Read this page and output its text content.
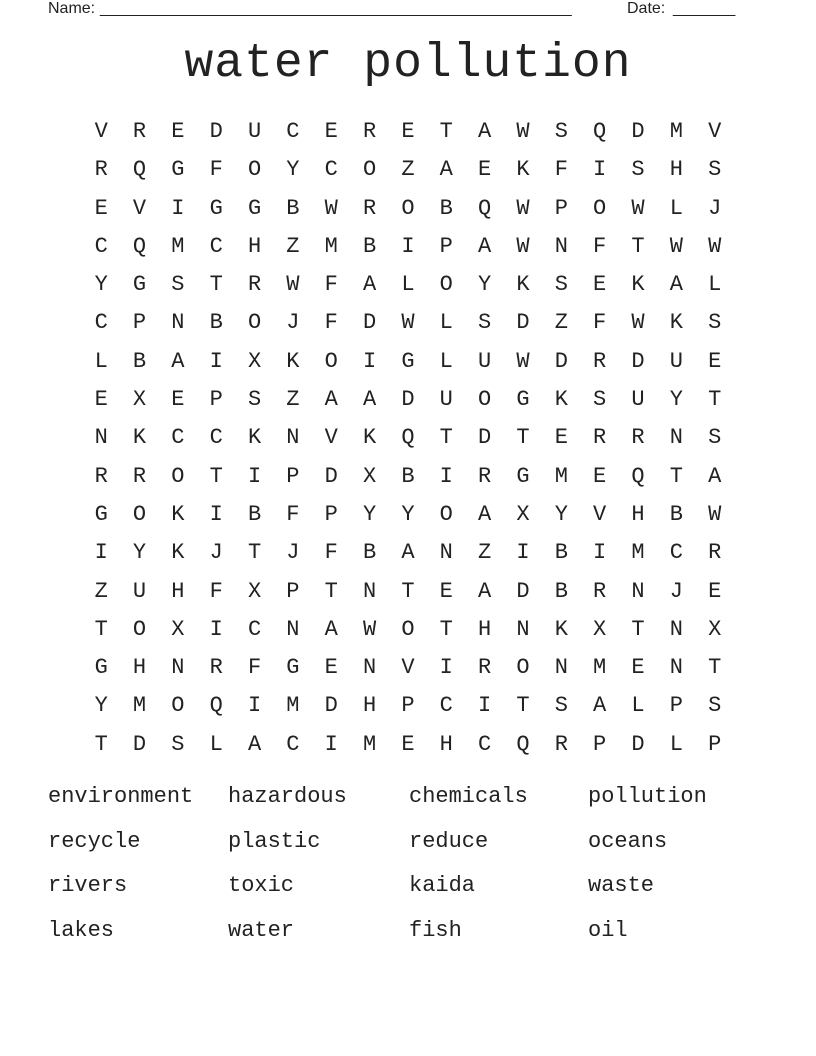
Name: _____________________________________________________	Date: _______
water pollution
V	R	E	D	U	C	E	R	E	T	A	W	S	Q	D	M	V
R	Q	G	F	O	Y	C	O	Z	A	E	K	F	I	S	H	S
E	V	I	G	G	B	W	R	O	B	Q	W	P	O	W	L	J
C	Q	M	C	H	Z	M	B	I	P	A	W	N	F	T	W	W
Y	G	S	T	R	W	F	A	L	O	Y	K	S	E	K	A	L
C	P	N	B	O	J	F	D	W	L	S	D	Z	F	W	K	S
L	B	A	I	X	K	O	I	G	L	U	W	D	R	D	U	E
E	X	E	P	S	Z	A	A	D	U	O	G	K	S	U	Y	T
N	K	C	C	K	N	V	K	Q	T	D	T	E	R	R	N	S
R	R	O	T	I	P	D	X	B	I	R	G	M	E	Q	T	A
G	O	K	I	B	F	P	Y	Y	O	A	X	Y	V	H	B	W
I	Y	K	J	T	J	F	B	A	N	Z	I	B	I	M	C	R
Z	U	H	F	X	P	T	N	T	E	A	D	B	R	N	J	E
T	O	X	I	C	N	A	W	O	T	H	N	K	X	T	N	X
G	H	N	R	F	G	E	N	V	I	R	O	N	M	E	N	T
Y	M	O	Q	I	M	D	H	P	C	I	T	S	A	L	P	S
T	D	S	L	A	C	I	M	E	H	C	Q	R	P	D	L	P
environment	hazardous	chemicals	pollution
recycle	plastic	reduce	oceans
rivers	toxic	kaida	waste
lakes	water	fish	oil
